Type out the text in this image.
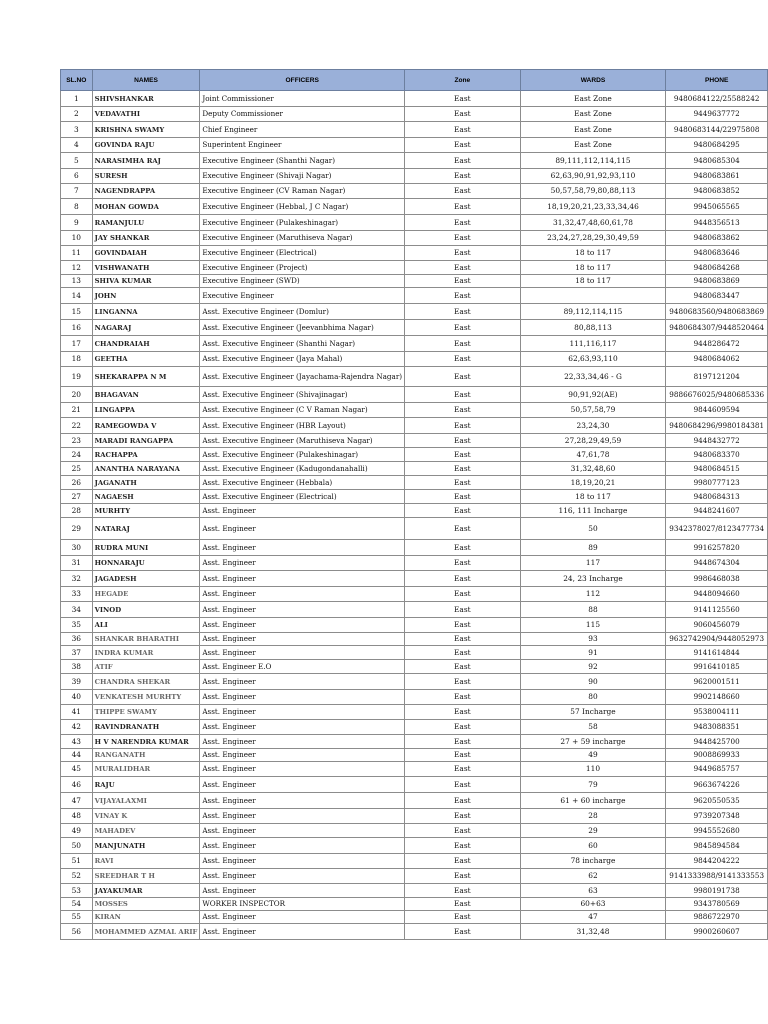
SL.NO	NAMES	OFFICERS	Zone	WARDS	PHONE
1	SHIVSHANKAR	Joint Commissioner	East	East Zone	9480684122/25588242
2	VEDAVATHI	Deputy Commissioner	East	East Zone	9449637772
3	KRISHNA SWAMY	Chief Engineer	East	East Zone	9480683144/22975808
4	GOVINDA RAJU	Superintent Engineer	East	East Zone	9480684295
5	NARASIMHA RAJ	Executive Engineer (Shanthi Nagar)	East	89,111,112,114,115	9480685304
6	SURESH	Executive Engineer (Shivaji Nagar)	East	62,63,90,91,92,93,110	9480683861
7	NAGENDRAPPA	Executive Engineer (CV Raman Nagar)	East	50,57,58,79,80,88,113	9480683852
8	MOHAN GOWDA	Executive Engineer (Hebbal, J C Nagar)	East	18,19,20,21,23,33,34,46	9945065565
9	RAMANJULU	Executive Engineer (Pulakeshinagar)	East	31,32,47,48,60,61,78	9448356513
10	JAY SHANKAR	Executive Engineer (Maruthiseva Nagar)	East	23,24,27,28,29,30,49,59	9480683862
11	GOVINDAIAH	Executive Engineer (Electrical)	East	18 to 117	9480683646
12	VISHWANATH	Executive Engineer (Project)	East	18 to 117	9480684268
13	SHIVA KUMAR	Executive Engineer (SWD)	East	18 to 117	9480683869
14	JOHN	Executive Engineer	East		9480683447
15	LINGANNA	Asst. Executive Engineer (Domlur)	East	89,112,114,115	9480683560/9480683869
16	NAGARAJ	Asst. Executive Engineer (Jeevanbhima Nagar)	East	80,88,113	9480684307/9448520464
17	CHANDRAIAH	Asst. Executive Engineer (Shanthi Nagar)	East	111,116,117	9448286472
18	GEETHA	Asst. Executive Engineer (Jaya Mahal)	East	62,63,93,110	9480684062
19	SHEKARAPPA N M	Asst. Executive Engineer (Jayachama-Rajendra Nagar)	East	22,33,34,46 - G	8197121204
20	BHAGAVAN	Asst. Executive Engineer (Shivajinagar)	East	90,91,92(AE)	9886676025/9480685336
21	LINGAPPA	Asst. Executive Engineer (C V Raman Nagar)	East	50,57,58,79	9844609594
22	RAMEGOWDA V	Asst. Executive Engineer (HBR Layout)	East	23,24,30	9480684296/9980184381
23	MARADI RANGAPPA	Asst. Executive Engineer (Maruthiseva Nagar)	East	27,28,29,49,59	9448432772
24	RACHAPPA	Asst. Executive Engineer (Pulakeshinagar)	East	47,61,78	9480683370
25	ANANTHA NARAYANA	Asst. Executive Engineer (Kadugondanahalli)	East	31,32,48,60	9480684515
26	JAGANATH	Asst. Executive Engineer (Hebbala)	East	18,19,20,21	9980777123
27	NAGAESH	Asst. Executive Engineer (Electrical)	East	18 to 117	9480684313
28	MURHTY	Asst. Engineer	East	116, 111 Incharge	9448241607
29	NATARAJ	Asst. Engineer	East	50	9342378027/8123477734
30	RUDRA MUNI	Asst. Engineer	East	89	9916257820
31	HONNARAJU	Asst. Engineer	East	117	9448674304
32	JAGADESH	Asst. Engineer	East	24, 23 Incharge	9986468038
33	HEGADE	Asst. Engineer	East	112	9448094660
34	VINOD	Asst. Engineer	East	88	9141125560
35	ALI	Asst. Engineer	East	115	9060456079
36	SHANKAR BHARATHI	Asst. Engineer	East	93	9632742904/9448052973
37	INDRA KUMAR	Asst. Engineer	East	91	9141614844
38	ATIF	Asst. Engineer E.O	East	92	9916410185
39	CHANDRA SHEKAR	Asst. Engineer	East	90	9620001511
40	VENKATESH MURHTY	Asst. Engineer	East	80	9902148660
41	THIPPE SWAMY	Asst. Engineer	East	57 Incharge	9538004111
42	RAVINDRANATH	Asst. Engineer	East	58	9483088351
43	H V NARENDRA KUMAR	Asst. Engineer	East	27 + 59 incharge	9448425700
44	RANGANATH	Asst. Engineer	East	49	9008869933
45	MURALIDHAR	Asst. Engineer	East	110	9449685757
46	RAJU	Asst. Engineer	East	79	9663674226
47	VIJAYALAXMI	Asst. Engineer	East	61 + 60 incharge	9620550535
48	VINAY K	Asst. Engineer	East	28	9739207348
49	MAHADEV	Asst. Engineer	East	29	9945552680
50	MANJUNATH	Asst. Engineer	East	60	9845894584
51	RAVI	Asst. Engineer	East	78 incharge	9844204222
52	SREEDHAR T H	Asst. Engineer	East	62	9141333988/9141333553
53	JAYAKUMAR	Asst. Engineer	East	63	9980191738
54	MOSSES	WORKER INSPECTOR	East	60+63	9343780569
55	KIRAN	Asst. Engineer	East	47	9886722970
56	MOHAMMED AZMAL ARIF	Asst. Engineer	East	31,32,48	9900260607
